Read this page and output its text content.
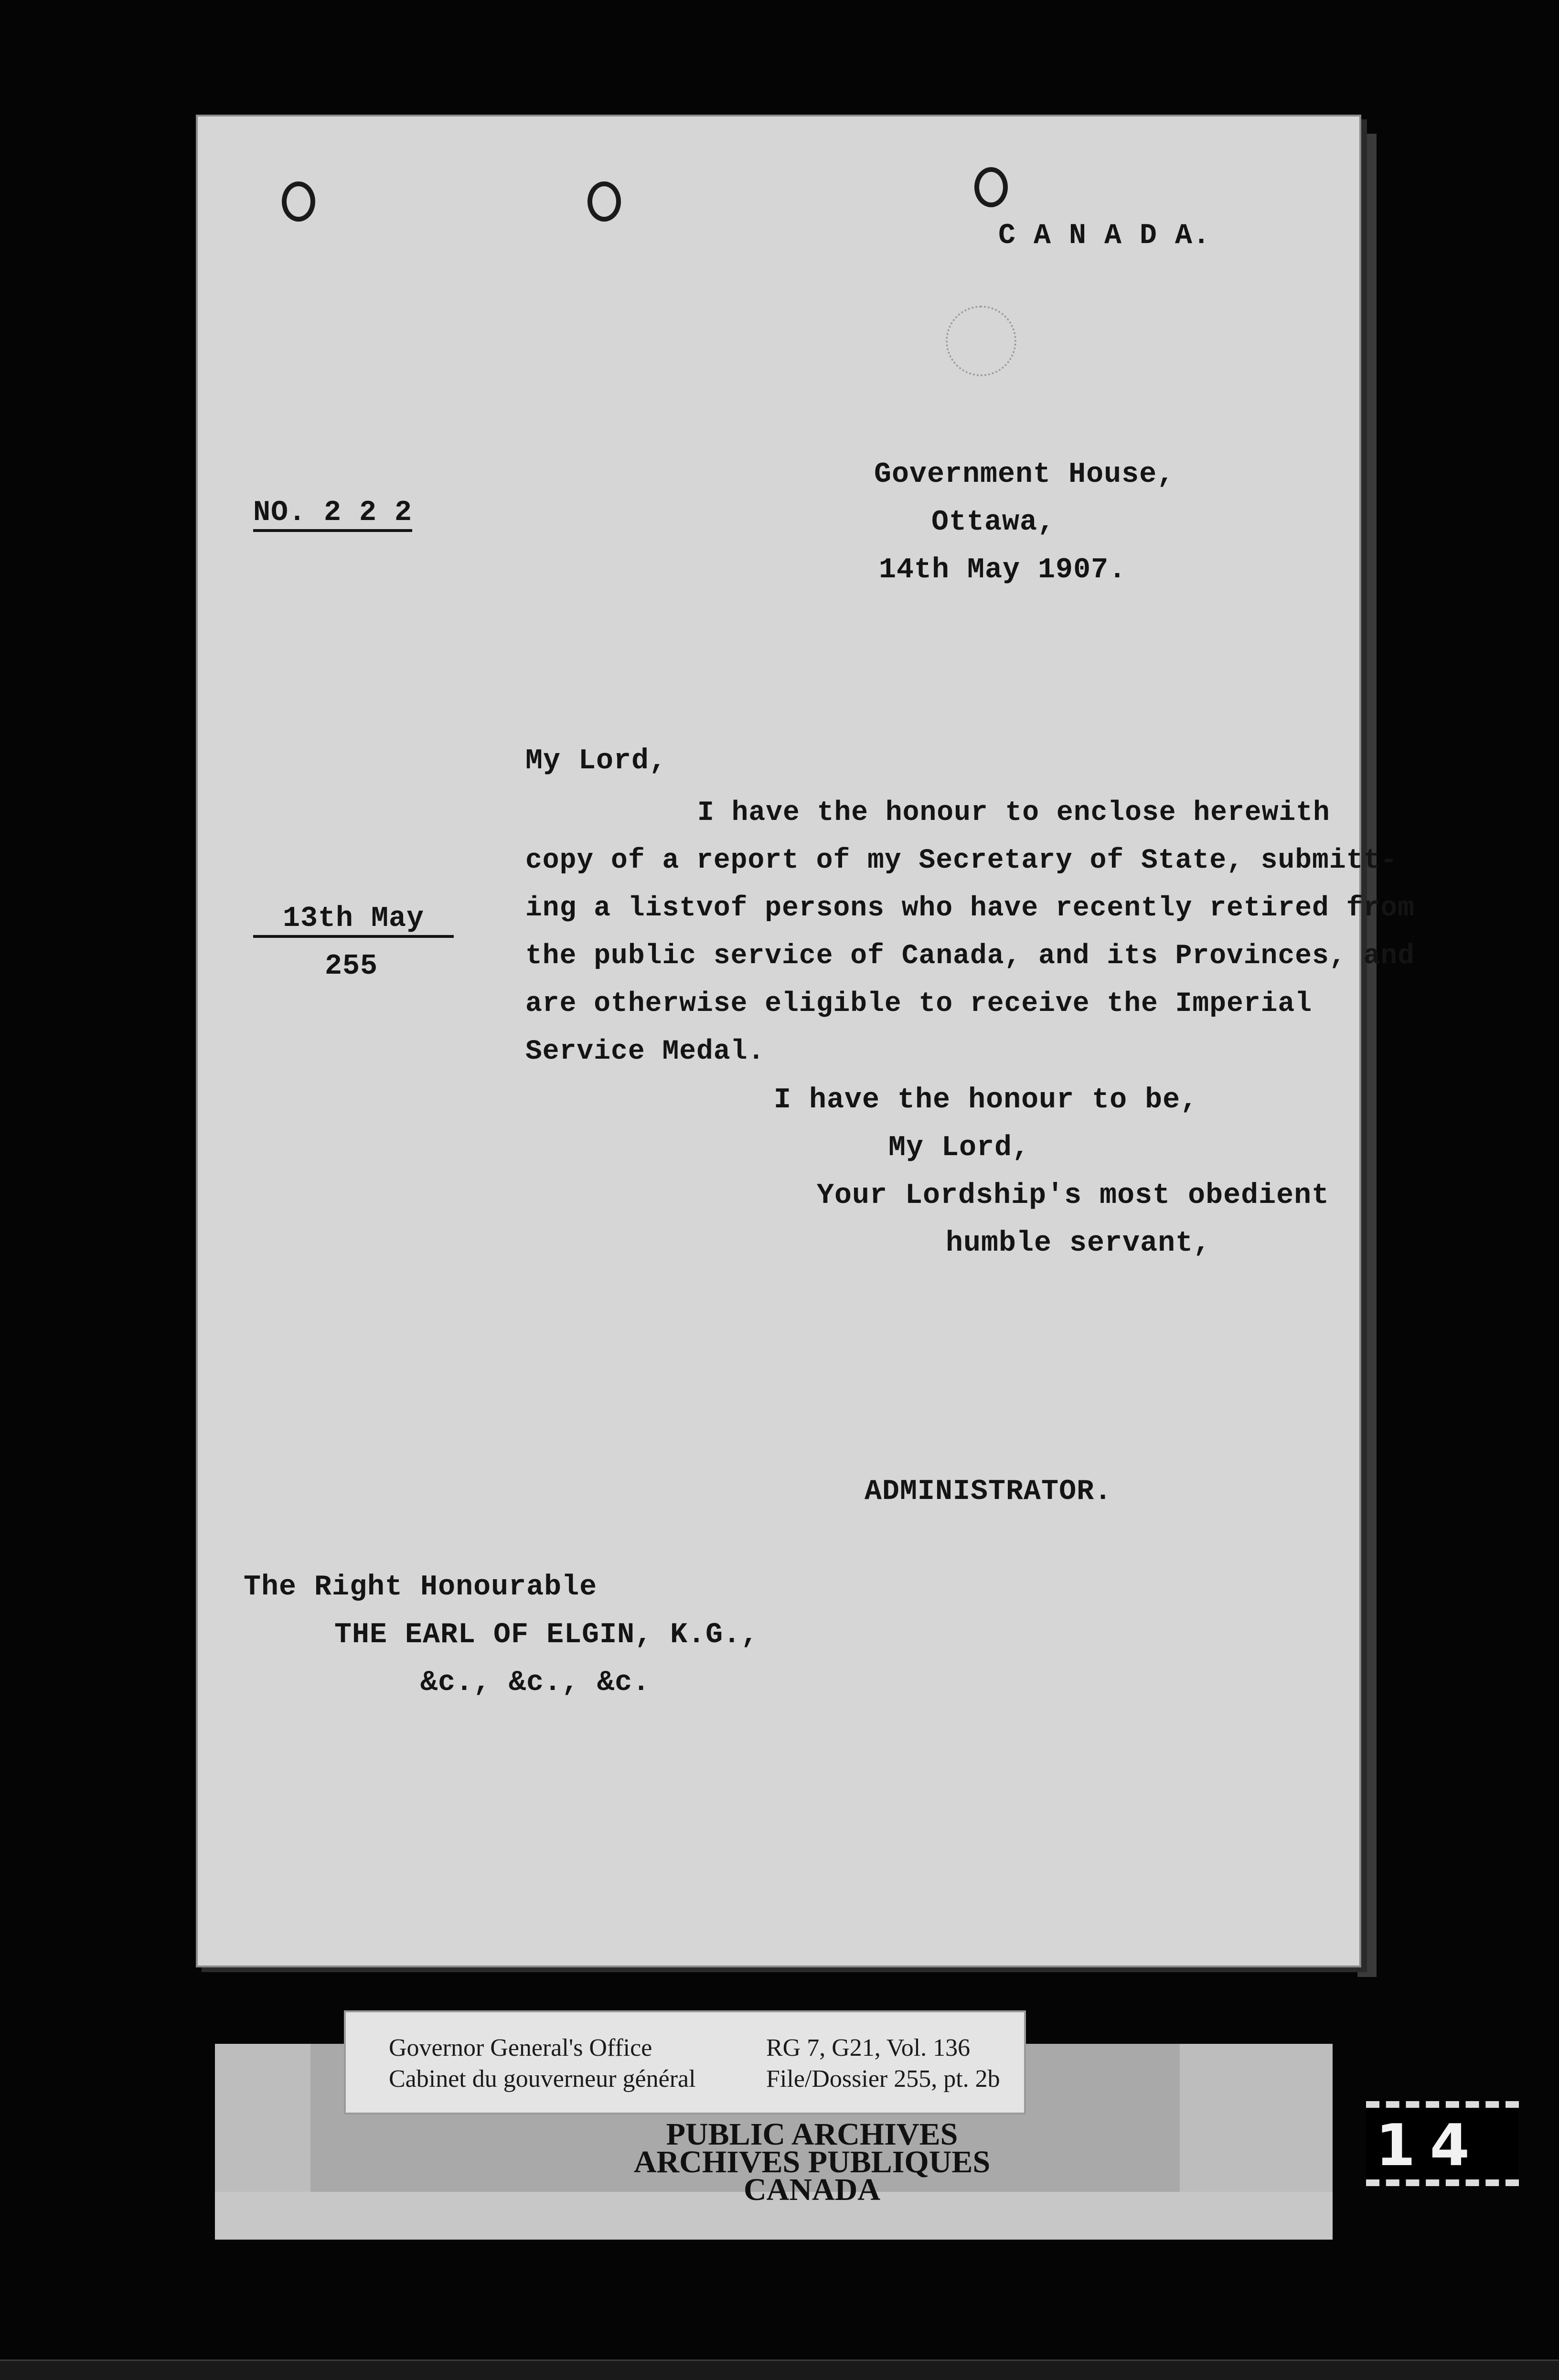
C A N A D A.
Government House,
Ottawa,
14th May 1907.
NO. 2 2 2
My Lord,
I have the honour to enclose herewith
copy of a report of my Secretary of State, submitt-
ing a listvof persons who have recently retired from
the public service of Canada, and its Provinces, and
are otherwise eligible to receive the Imperial
Service Medal.
13th May
255
I have the honour to be,
My Lord,
Your Lordship's most obedient
humble servant,
ADMINISTRATOR.
The Right Honourable
THE EARL OF ELGIN, K.G.,
&c., &c., &c.
Governor General's Office
Cabinet du gouverneur général
RG 7, G21, Vol. 136
File/Dossier 255, pt. 2b
PUBLIC ARCHIVES
ARCHIVES PUBLIQUES
CANADA
14
